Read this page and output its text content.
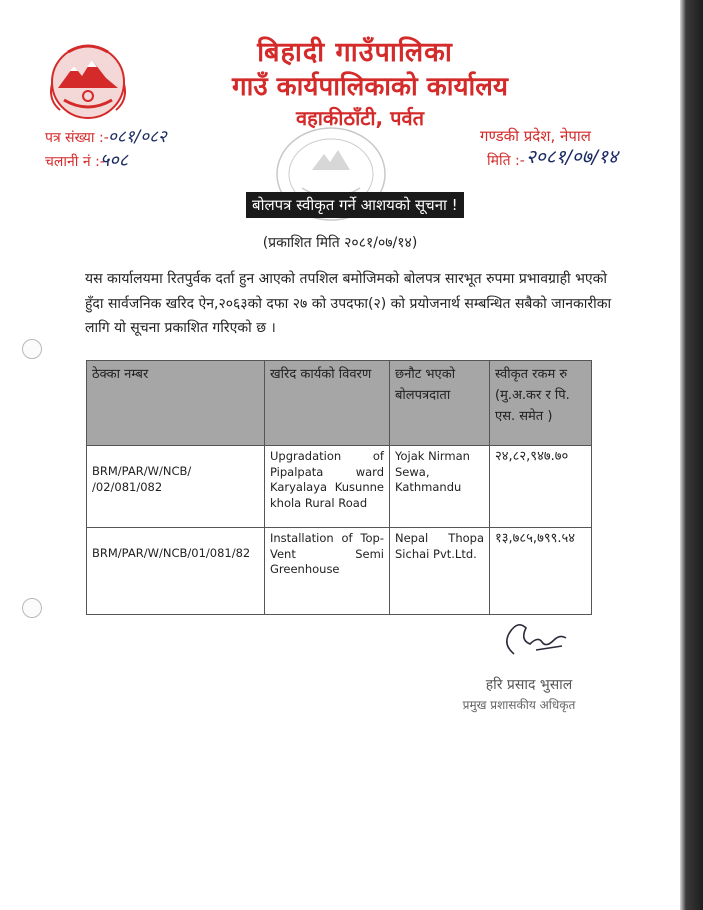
बिहादी गाउँपालिका
गाउँ कार्यपालिकाको कार्यालय
वहाकीठाँटी, पर्वत
पत्र संख्या :- ०८१/०८२
चलानी नं :-
५०८
गण्डकी प्रदेश, नेपाल
मिति :- २०८१/०७/१४
बोलपत्र स्वीकृत गर्ने आशयको सूचना !
(प्रकाशित मिति २०८१/०७/१४)
यस कार्यालयमा रितपुर्वक दर्ता हुन आएको तपशिल बमोजिमको बोलपत्र सारभूत रुपमा प्रभावग्राही भएको हुँदा सार्वजनिक खरिद ऐन,२०६३को दफा २७ को उपदफा(२) को प्रयोजनार्थ सम्बन्धित सबैको जानकारीका लागि यो सूचना प्रकाशित गरिएको छ ।
ठेक्का नम्बर	खरिद कार्यको विवरण	छनौट भएको बोलपत्रदाता	स्वीकृत रकम रु (मु.अ.कर र पि. एस. समेत )
BRM/PAR/W/NCB/ /02/081/082	Upgradation of Pipalpata ward Karyalaya Kusunne khola Rural Road	Yojak Nirman Sewa, Kathmandu	२४,८२,९४७.७०
BRM/PAR/W/NCB/01/081/82	Installation of Top-Vent Semi Greenhouse	Nepal Thopa Sichai Pvt.Ltd.	१३,७८५,७९९.५४
हरि प्रसाद भुसाल
प्रमुख प्रशासकीय अधिकृत
